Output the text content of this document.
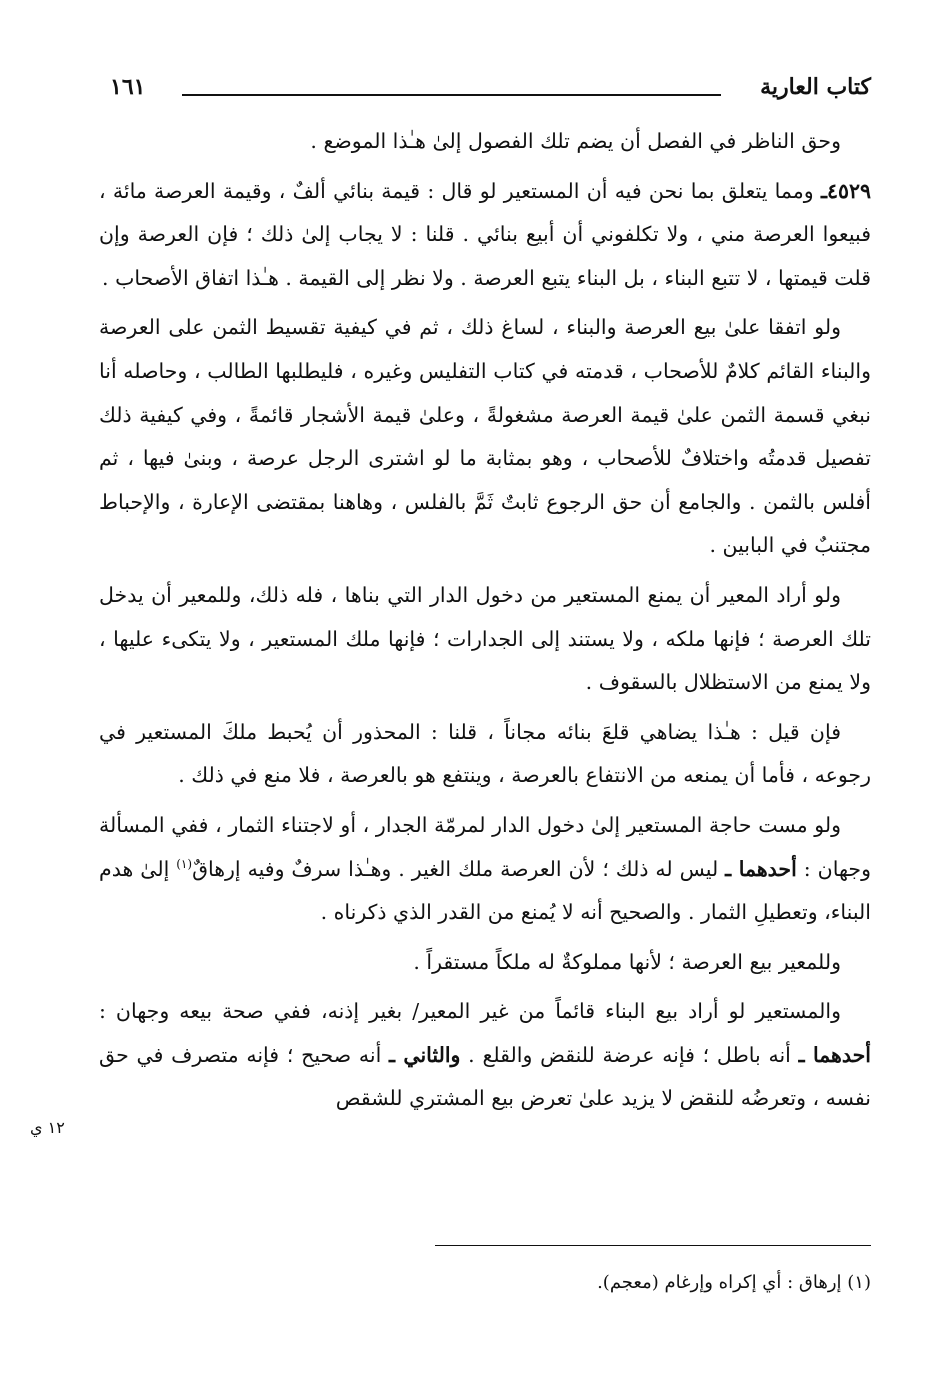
كتاب العارية
١٦١
١٢ ي

وحق الناظر في الفصل أن يضم تلك الفصول إلىٰ هـٰذا الموضع .

٤٥٢٩ـ ومما يتعلق بما نحن فيه أن المستعير لو قال : قيمة بنائي ألفٌ ، وقيمة العرصة مائة ، فبيعوا العرصة مني ، ولا تكلفوني أن أبيع بنائي . قلنا : لا يجاب إلىٰ ذلك ؛ فإن العرصة وإن قلت قيمتها ، لا تتبع البناء ، بل البناء يتبع العرصة . ولا نظر إلى القيمة . هـٰذا اتفاق الأصحاب .

ولو اتفقا علىٰ بيع العرصة والبناء ، لساغ ذلك ، ثم في كيفية تقسيط الثمن على العرصة والبناء القائم كلامٌ للأصحاب ، قدمته في كتاب التفليس وغيره ، فليطلبها الطالب ، وحاصله أنا نبغي قسمة الثمن علىٰ قيمة العرصة مشغولةً ، وعلىٰ قيمة الأشجار قائمةً ، وفي كيفية ذلك تفصيل قدمتُه واختلافٌ للأصحاب ، وهو بمثابة ما لو اشترى الرجل عرصة ، وبنىٰ فيها ، ثم أفلس بالثمن . والجامع أن حق الرجوع ثابتٌ ثَمَّ بالفلس ، وهاهنا بمقتضى الإعارة ، والإحباط مجتنبٌ في البابين .

ولو أراد المعير أن يمنع المستعير من دخول الدار التي بناها ، فله ذلك، وللمعير أن يدخل تلك العرصة ؛ فإنها ملكه ، ولا يستند إلى الجدارات ؛ فإنها ملك المستعير ، ولا يتكىء عليها ، ولا يمنع من الاستظلال بالسقوف .

فإن قيل : هـٰذا يضاهي قلعَ بنائه مجاناً ، قلنا : المحذور أن يُحبط ملكَ المستعير في رجوعه ، فأما أن يمنعه من الانتفاع بالعرصة ، وينتفع هو بالعرصة ، فلا منع في ذلك .

ولو مست حاجة المستعير إلىٰ دخول الدار لمرمّة الجدار ، أو لاجتناء الثمار ، ففي المسألة وجهان : أحدهما ـ ليس له ذلك ؛ لأن العرصة ملك الغير . وهـٰذا سرفٌ وفيه إرهاقٌ$^{(١)}$ إلىٰ هدم البناء، وتعطيلِ الثمار . والصحيح أنه لا يُمنع من القدر الذي ذكرناه .

وللمعير بيع العرصة ؛ لأنها مملوكةٌ له ملكاً مستقراً .

والمستعير لو أراد بيع البناء قائماً من غير المعير/ بغير إذنه، ففي صحة بيعه وجهان : أحدهما ـ أنه باطل ؛ فإنه عرضة للنقض والقلع . والثاني ـ أنه صحيح ؛ فإنه متصرف في حق نفسه ، وتعرضُه للنقض لا يزيد علىٰ تعرض بيع المشتري للشقص

(١) إرهاق : أي إكراه وإرغام (معجم).
